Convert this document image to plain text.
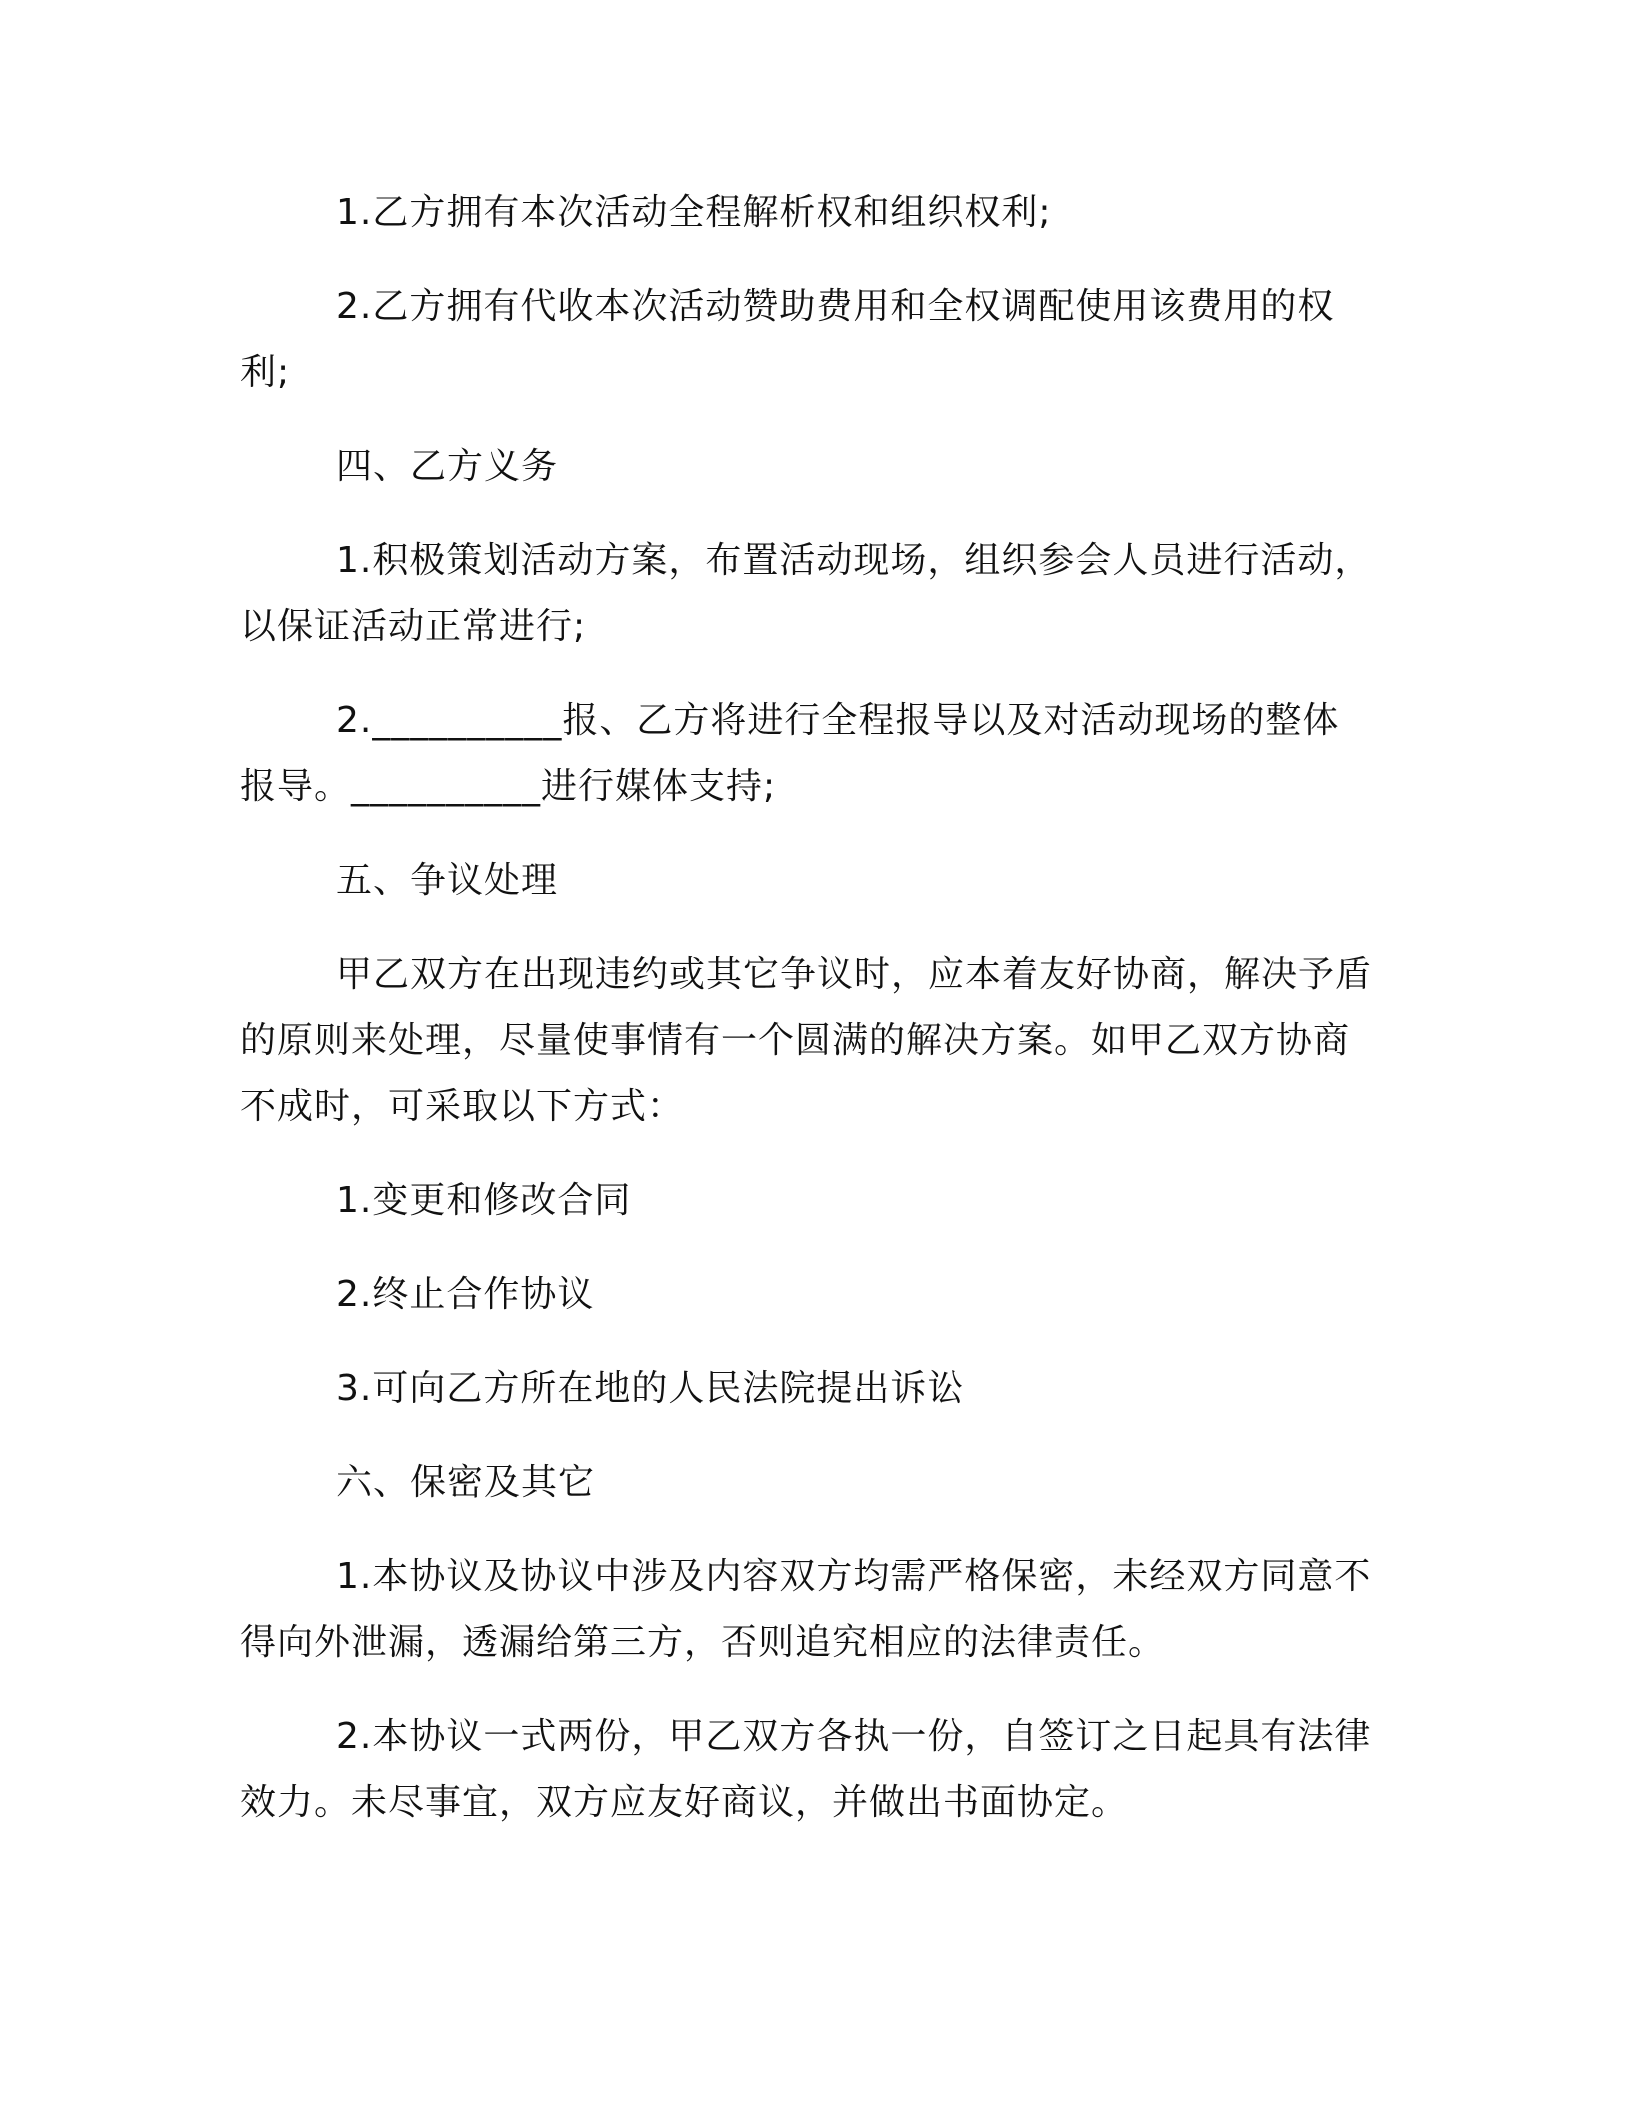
1.乙方拥有本次活动全程解析权和组织权利;

2.乙方拥有代收本次活动赞助费用和全权调配使用该费用的权利;

四、乙方义务

1.积极策划活动方案，布置活动现场，组织参会人员进行活动，以保证活动正常进行;

2.__________报、乙方将进行全程报导以及对活动现场的整体报导。__________进行媒体支持;

五、争议处理

甲乙双方在出现违约或其它争议时，应本着友好协商，解决予盾的原则来处理，尽量使事情有一个圆满的解决方案。如甲乙双方协商不成时，可采取以下方式：

1.变更和修改合同

2.终止合作协议

3.可向乙方所在地的人民法院提出诉讼

六、保密及其它

1.本协议及协议中涉及内容双方均需严格保密，未经双方同意不得向外泄漏，透漏给第三方，否则追究相应的法律责任。

2.本协议一式两份，甲乙双方各执一份，自签订之日起具有法律效力。未尽事宜，双方应友好商议，并做出书面协定。
